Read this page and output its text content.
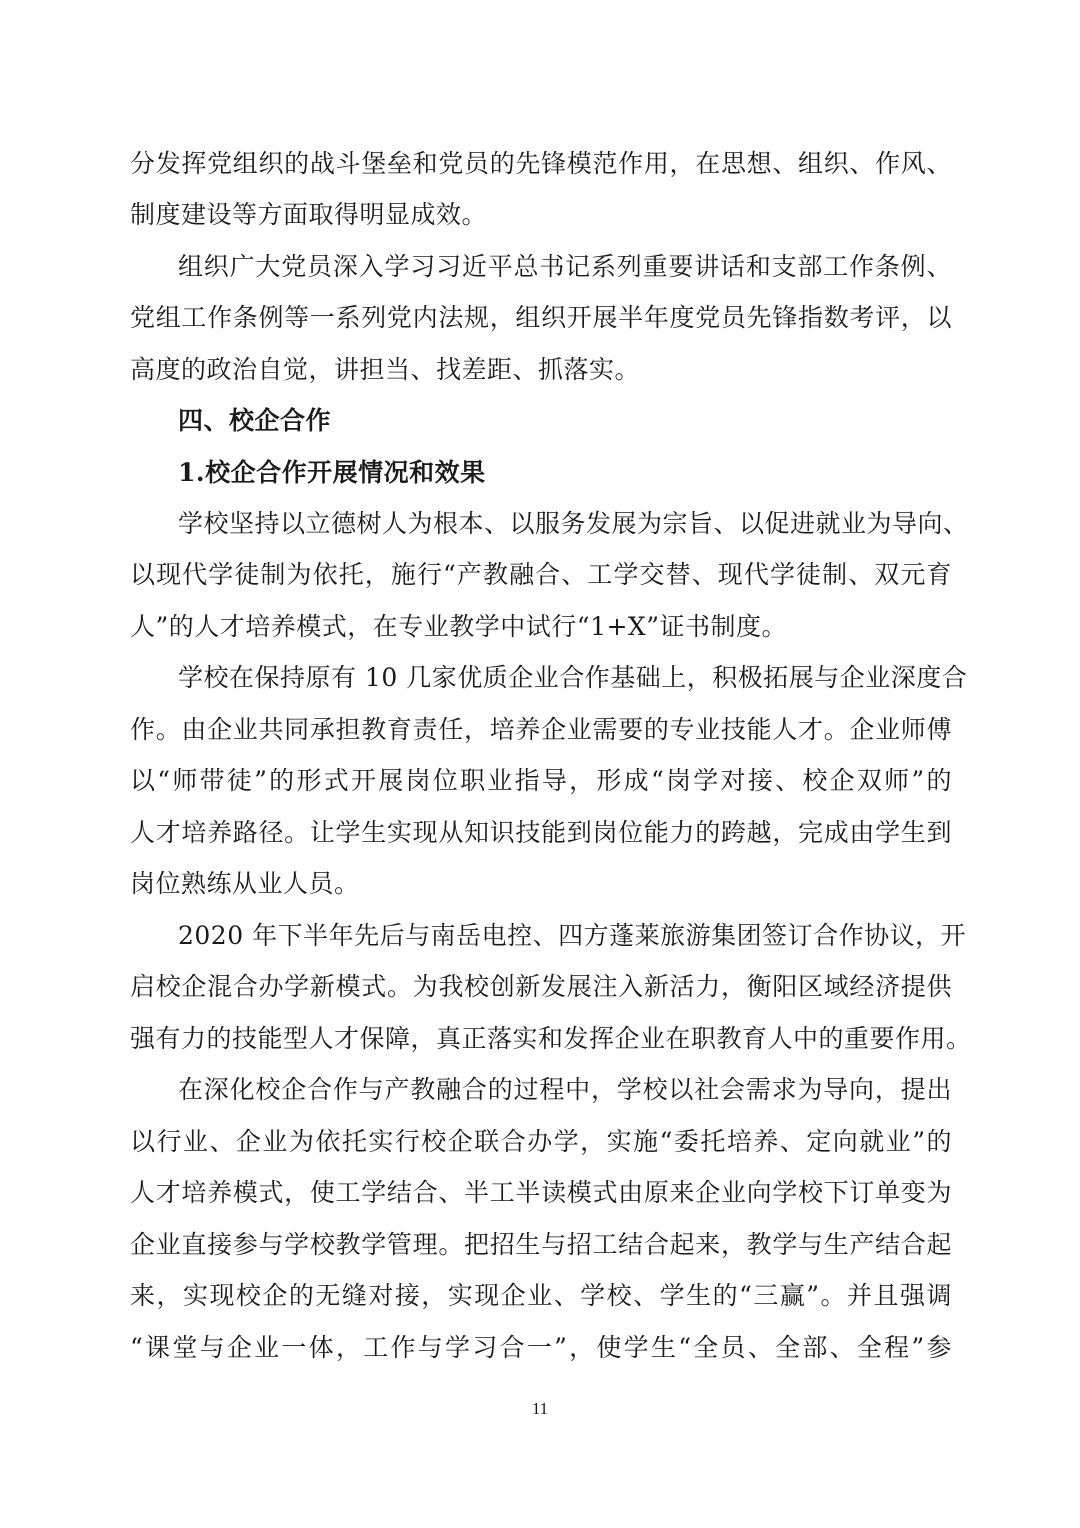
分发挥党组织的战斗堡垒和党员的先锋模范作用，在思想、组织、作风、
制度建设等方面取得明显成效。
组织广大党员深入学习习近平总书记系列重要讲话和支部工作条例、
党组工作条例等一系列党内法规，组织开展半年度党员先锋指数考评，以
高度的政治自觉，讲担当、找差距、抓落实。
四、校企合作
1.校企合作开展情况和效果
学校坚持以立德树人为根本、以服务发展为宗旨、以促进就业为导向、
以现代学徒制为依托，施行“产教融合、工学交替、现代学徒制、双元育
人”的人才培养模式，在专业教学中试行“1+X”证书制度。
学校在保持原有 10 几家优质企业合作基础上，积极拓展与企业深度合
作。由企业共同承担教育责任，培养企业需要的专业技能人才。企业师傅
以“师带徒”的形式开展岗位职业指导，形成“岗学对接、校企双师”的
人才培养路径。让学生实现从知识技能到岗位能力的跨越，完成由学生到
岗位熟练从业人员。
2020 年下半年先后与南岳电控、四方蓬莱旅游集团签订合作协议，开
启校企混合办学新模式。为我校创新发展注入新活力，衡阳区域经济提供
强有力的技能型人才保障，真正落实和发挥企业在职教育人中的重要作用。
在深化校企合作与产教融合的过程中，学校以社会需求为导向，提出
以行业、企业为依托实行校企联合办学，实施“委托培养、定向就业”的
人才培养模式，使工学结合、半工半读模式由原来企业向学校下订单变为
企业直接参与学校教学管理。把招生与招工结合起来，教学与生产结合起
来，实现校企的无缝对接，实现企业、学校、学生的“三赢”。并且强调
“课堂与企业一体，工作与学习合一”，使学生“全员、全部、全程”参
11
